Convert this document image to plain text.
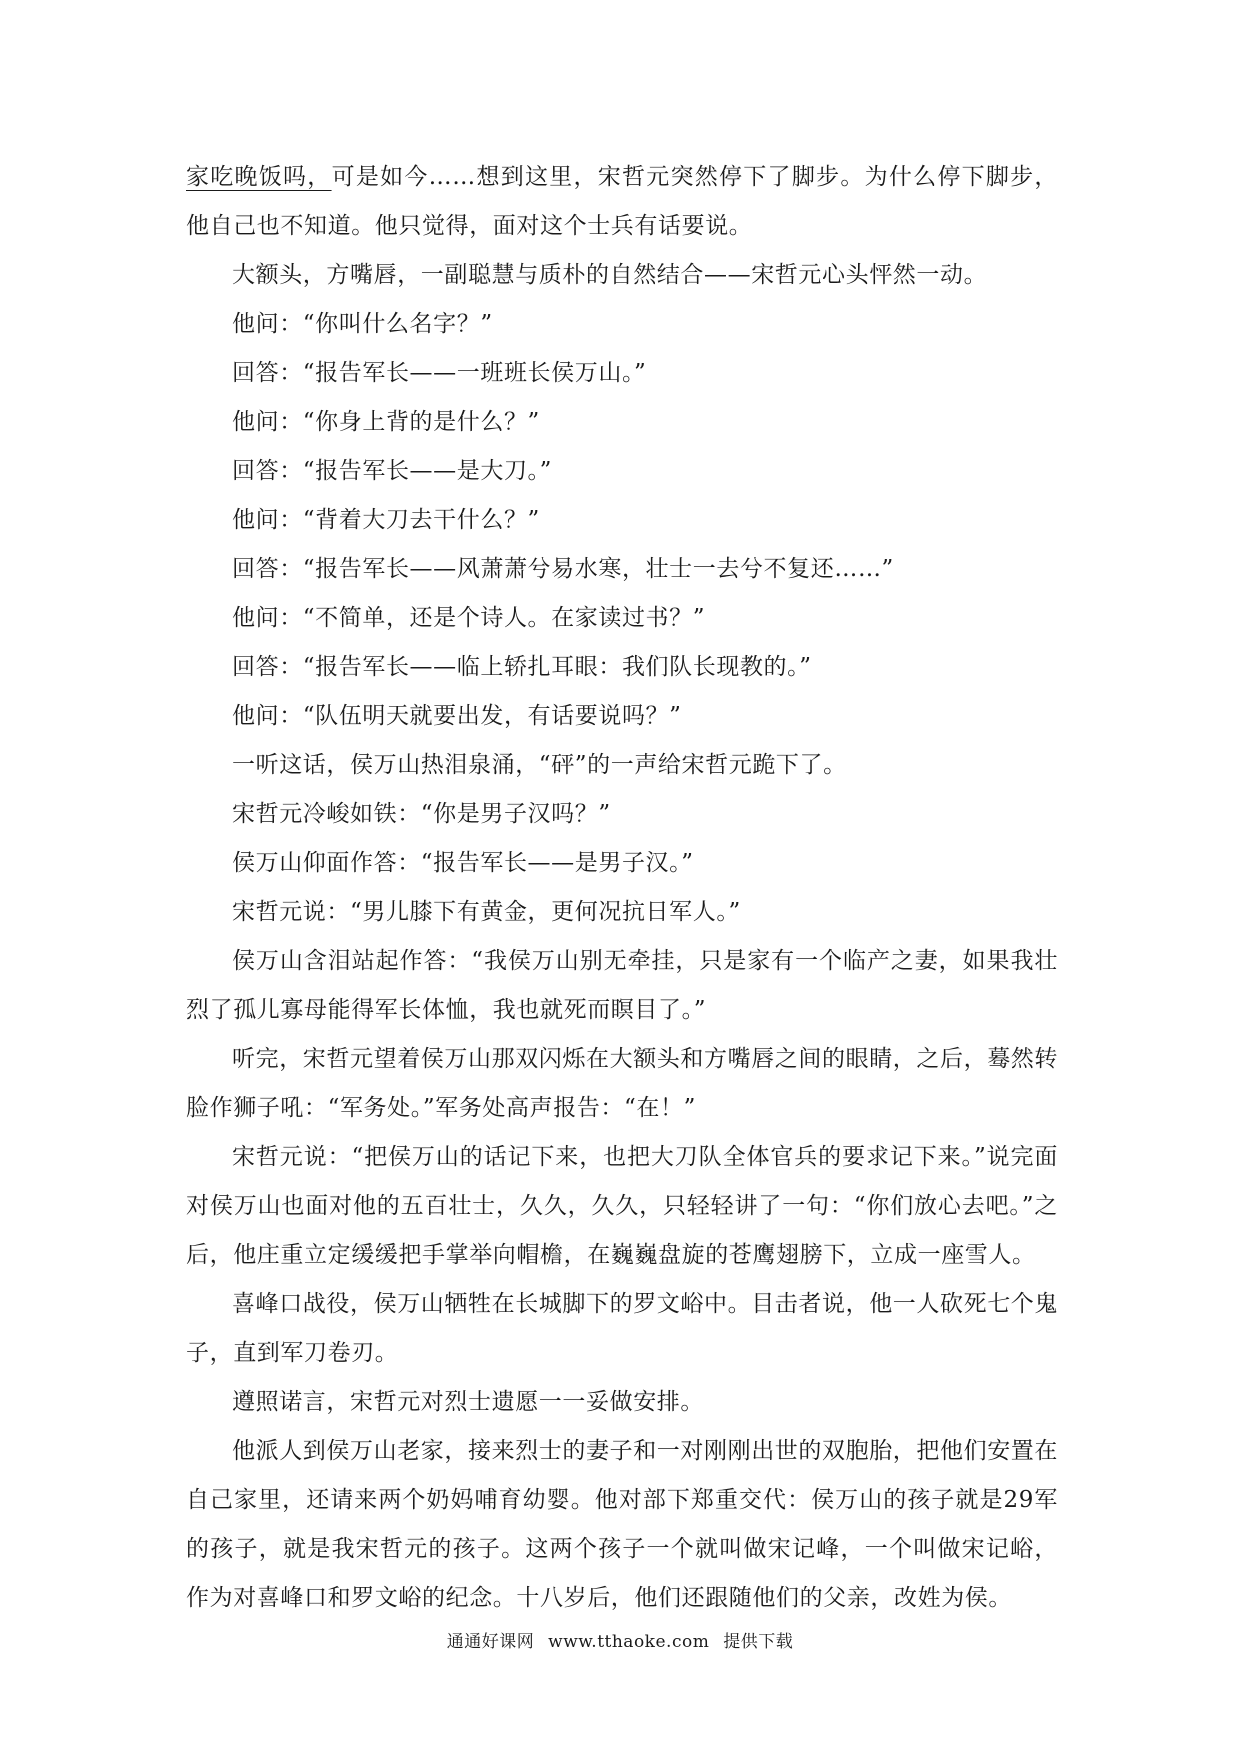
家吃晚饭吗，可是如今……想到这里，宋哲元突然停下了脚步。为什么停下脚步，他自己也不知道。他只觉得，面对这个士兵有话要说。

大额头，方嘴唇，一副聪慧与质朴的自然结合——宋哲元心头怦然一动。

他问：“你叫什么名字？”

回答：“报告军长——一班班长侯万山。”

他问：“你身上背的是什么？”

回答：“报告军长——是大刀。”

他问：“背着大刀去干什么？”

回答：“报告军长——风萧萧兮易水寒，壮士一去兮不复还……”

他问：“不简单，还是个诗人。在家读过书？”

回答：“报告军长——临上轿扎耳眼：我们队长现教的。”

他问：“队伍明天就要出发，有话要说吗？”

一听这话，侯万山热泪泉涌，“砰”的一声给宋哲元跪下了。

宋哲元冷峻如铁：“你是男子汉吗？”

侯万山仰面作答：“报告军长——是男子汉。”

宋哲元说：“男儿膝下有黄金，更何况抗日军人。”

侯万山含泪站起作答：“我侯万山别无牵挂，只是家有一个临产之妻，如果我壮烈了孤儿寡母能得军长体恤，我也就死而瞑目了。”

听完，宋哲元望着侯万山那双闪烁在大额头和方嘴唇之间的眼睛，之后，蓦然转脸作狮子吼：“军务处。”军务处高声报告：“在！”

宋哲元说：“把侯万山的话记下来，也把大刀队全体官兵的要求记下来。”说完面对侯万山也面对他的五百壮士，久久，久久，只轻轻讲了一句：“你们放心去吧。”之后，他庄重立定缓缓把手掌举向帽檐，在巍巍盘旋的苍鹰翅膀下，立成一座雪人。

喜峰口战役，侯万山牺牲在长城脚下的罗文峪中。目击者说，他一人砍死七个鬼子，直到军刀卷刃。

遵照诺言，宋哲元对烈士遗愿一一妥做安排。

他派人到侯万山老家，接来烈士的妻子和一对刚刚出世的双胞胎，把他们安置在自己家里，还请来两个奶妈哺育幼婴。他对部下郑重交代：侯万山的孩子就是29军的孩子，就是我宋哲元的孩子。这两个孩子一个就叫做宋记峰，一个叫做宋记峪，作为对喜峰口和罗文峪的纪念。十八岁后，他们还跟随他们的父亲，改姓为侯。

通通好课网 www.tthaoke.com 提供下载
